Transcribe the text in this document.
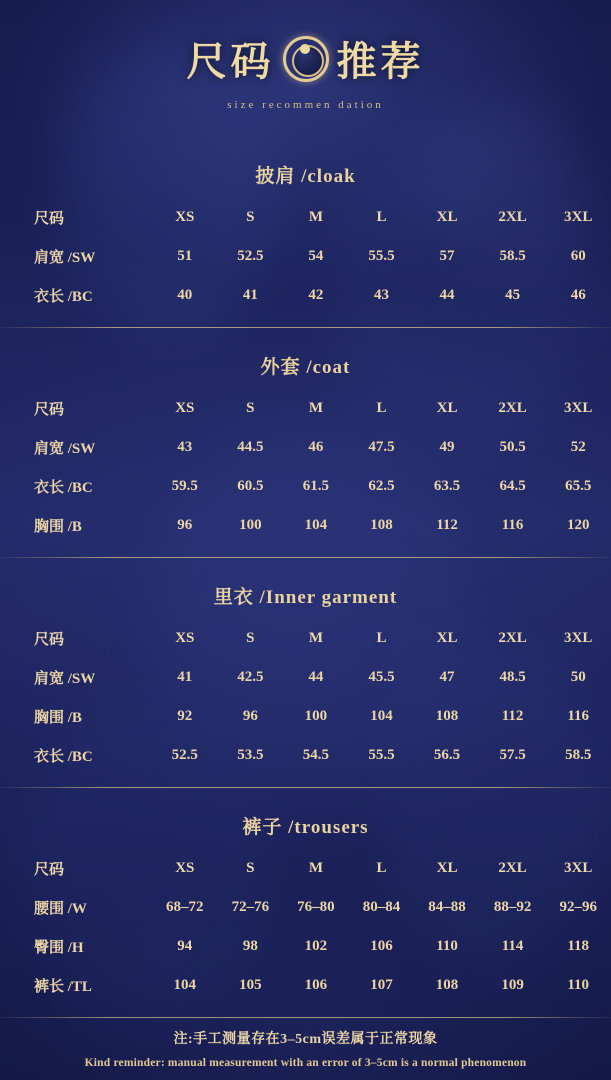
尺码 推荐
size recommen dation
披肩 /cloak
尺码	XS	S	M	L	XL	2XL	3XL
肩宽 /SW	51	52.5	54	55.5	57	58.5	60
衣长 /BC	40	41	42	43	44	45	46
外套 /coat
尺码	XS	S	M	L	XL	2XL	3XL
肩宽 /SW	43	44.5	46	47.5	49	50.5	52
衣长 /BC	59.5	60.5	61.5	62.5	63.5	64.5	65.5
胸围 /B	96	100	104	108	112	116	120
里衣 /Inner garment
尺码	XS	S	M	L	XL	2XL	3XL
肩宽 /SW	41	42.5	44	45.5	47	48.5	50
胸围 /B	92	96	100	104	108	112	116
衣长 /BC	52.5	53.5	54.5	55.5	56.5	57.5	58.5
裤子 /trousers
尺码	XS	S	M	L	XL	2XL	3XL
腰围 /W	68–72	72–76	76–80	80–84	84–88	88–92	92–96
臀围 /H	94	98	102	106	110	114	118
裤长 /TL	104	105	106	107	108	109	110
注:手工测量存在3–5cm误差属于正常现象
Kind reminder: manual measurement with an error of 3–5cm is a normal phenomenon
